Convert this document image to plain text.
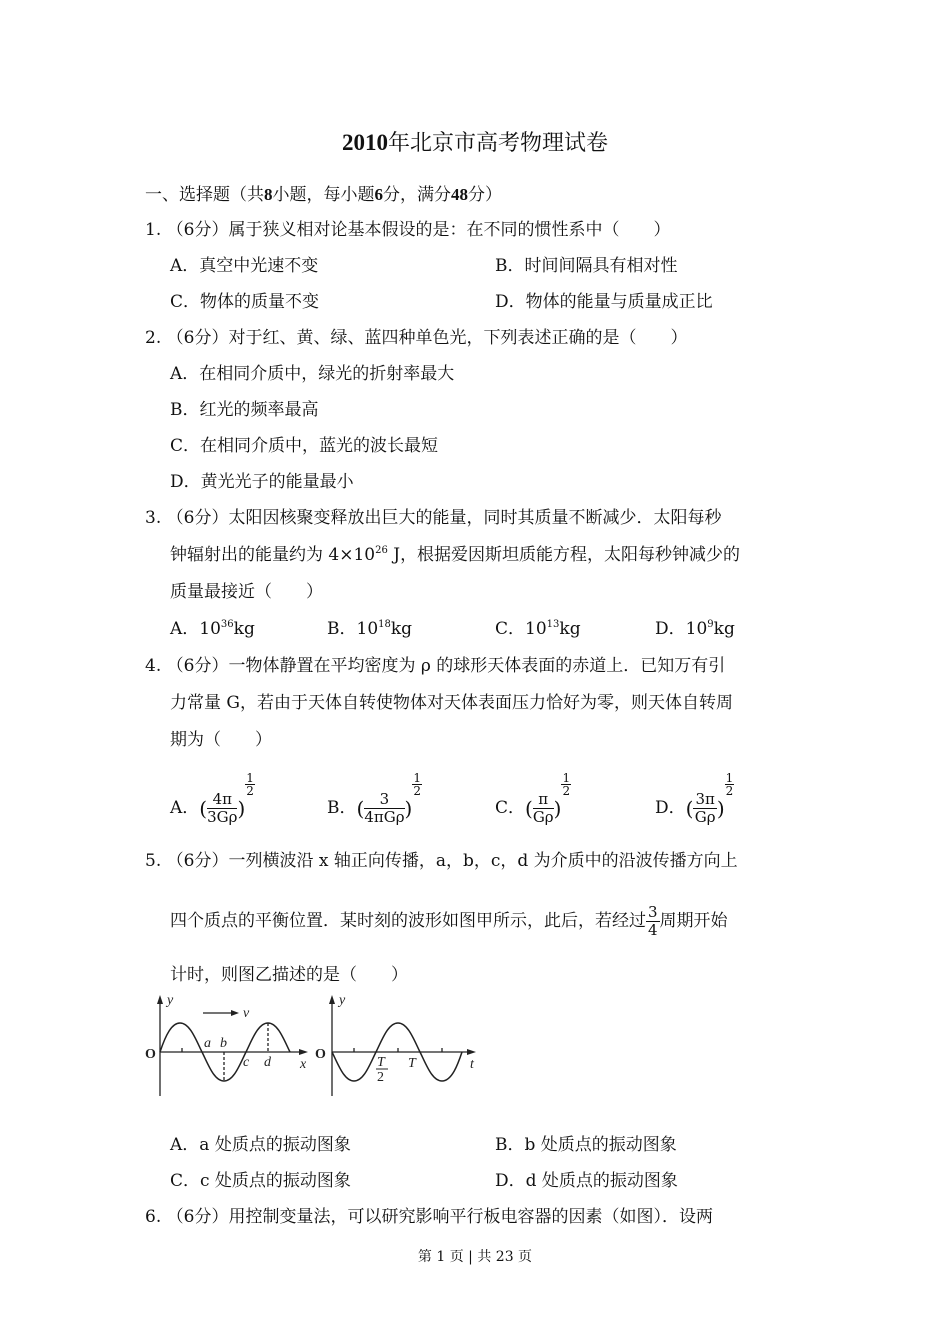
2010年北京市高考物理试卷
一、选择题（共8小题，每小题6分，满分48分）
1. （6分）属于狭义相对论基本假设的是：在不同的惯性系中（　　）
A．真空中光速不变	B．时间间隔具有相对性
C．物体的质量不变	D．物体的能量与质量成正比
2. （6分）对于红、黄、绿、蓝四种单色光，下列表述正确的是（　　）
A．在相同介质中，绿光的折射率最大
B．红光的频率最高
C．在相同介质中，蓝光的波长最短
D．黄光光子的能量最小
3. （6分）太阳因核聚变释放出巨大的能量，同时其质量不断减少．太阳每秒
钟辐射出的能量约为 $4\times 10^{26}$ J，根据爱因斯坦质能方程，太阳每秒钟减少的
质量最接近（　　）
A．$10^{36}kg$	B．$10^{18}kg$	C．$10^{13}kg$	D．$10^9kg$
4. （6分）一物体静置在平均密度为 ρ 的球形天体表面的赤道上．已知万有引
力常量 G，若由于天体自转使物体对天体表面压力恰好为零，则天体自转周
期为（　　）
A．( $\frac{4\pi}{3G\rho}$ )
$\frac{1}{2}$
B．( $\frac{3}{\text{4πGρ}}$ )
$\frac{1}{2}$
C．( $\frac{\pi}{G\rho}$ )
$\frac{1}{2}$
D．( $\frac{3\pi}{G\rho}$ )
$\frac{1}{2}$
5. （6分）一列横波沿 x 轴正向传播，a，b，c，d 为介质中的沿波传播方向上
四个质点的平衡位置．某时刻的波形如图甲所示，此后，若经过 $\frac{3}{4}$ 周期开始
计时，则图乙描述的是（　　）
y
O
v
a b
c d x
y
O
T
2
T	t
A．a 处质点的振动图象	B．b 处质点的振动图象
C．c 处质点的振动图象	D．d 处质点的振动图象
6. （6分）用控制变量法，可以研究影响平行板电容器的因素（如图）．设两
第 1 页 | 共 23 页
